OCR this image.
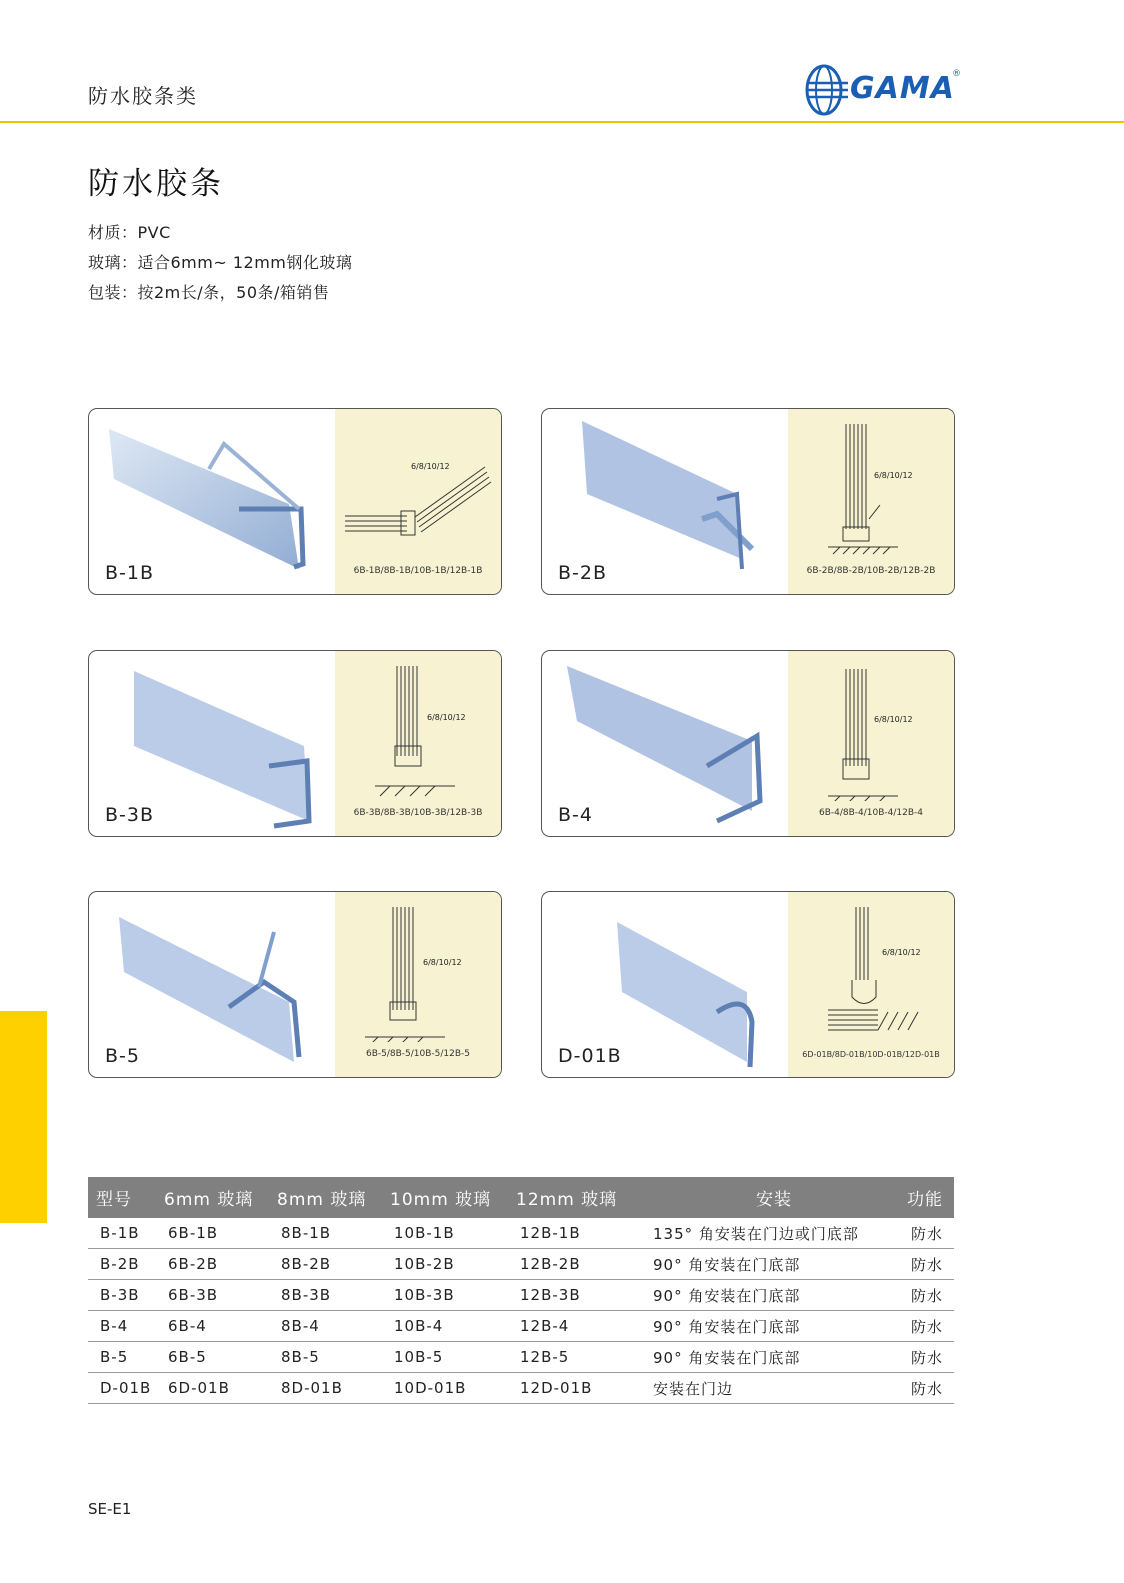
防水胶条类	GAMA
®
防水胶条
材质：PVC
玻璃：适合6mm~ 12mm钢化玻璃
包装：按2m长/条，50条/箱销售
6/8/10/12
6B-1B/8B-1B/10B-1B/12B-1B
B-1B
6/8/10/12
6B-2B/8B-2B/10B-2B/12B-2B
B-2B
6/8/10/12
6B-3B/8B-3B/10B-3B/12B-3B
B-3B
6/8/10/12
6B-4/8B-4/10B-4/12B-4
B-4
6/8/10/12
6B-5/8B-5/10B-5/12B-5
B-5
6/8/10/12
6D-01B/8D-01B/10D-01B/12D-01B
D-01B
型号	6mm 玻璃	8mm 玻璃	10mm 玻璃	12mm 玻璃	安装	功能
B-1B	6B-1B	8B-1B	10B-1B	12B-1B	135° 角安装在门边或门底部	防水
B-2B	6B-2B	8B-2B	10B-2B	12B-2B	90° 角安装在门底部	防水
B-3B	6B-3B	8B-3B	10B-3B	12B-3B	90° 角安装在门底部	防水
B-4	6B-4	8B-4	10B-4	12B-4	90° 角安装在门底部	防水
B-5	6B-5	8B-5	10B-5	12B-5	90° 角安装在门底部	防水
D-01B	6D-01B	8D-01B	10D-01B	12D-01B	安装在门边	防水
SE-E1
